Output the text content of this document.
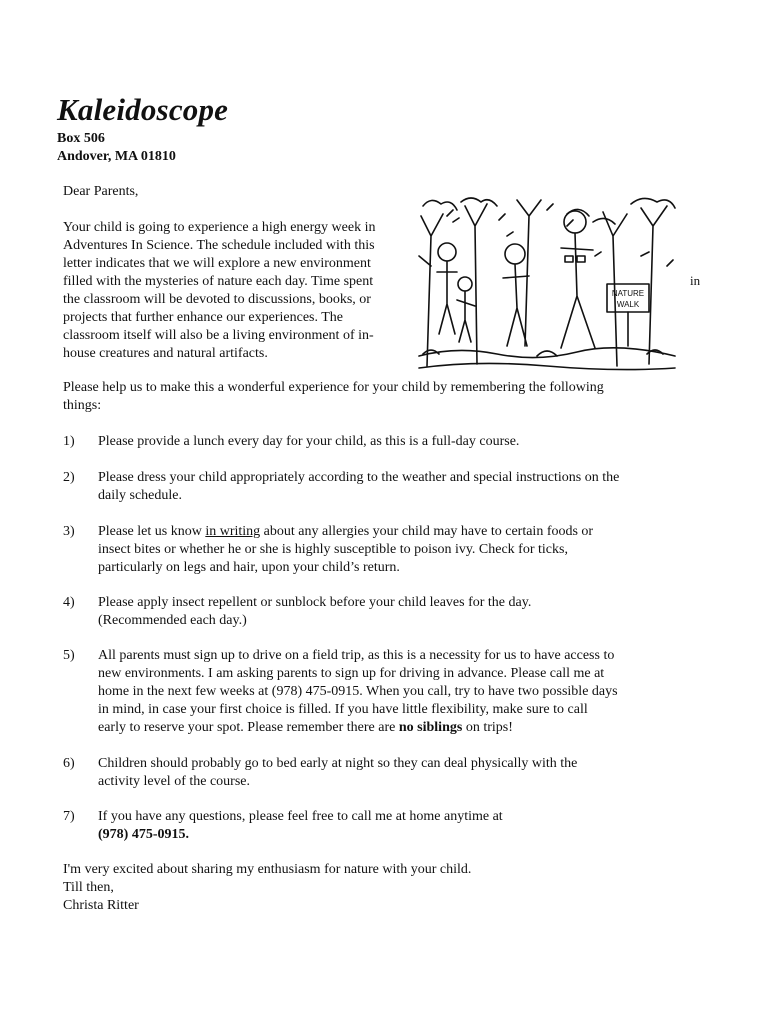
Kaleidoscope
Box 506
Andover, MA 01810

Dear Parents,

Your child is going to experience a high energy week in
Adventures In Science. The schedule included with this
letter indicates that we will explore a new environment
filled with the mysteries of nature each day. Time spent
the classroom will be devoted to discussions, books, or
projects that further enhance our experiences. The
classroom itself will also be a living environment of in-
house creatures and natural artifacts.
in
NATURE
WALK
Please help us to make this a wonderful experience for your child by remembering the following
things:
1) Please provide a lunch every day for your child, as this is a full-day course.
2) Please dress your child appropriately according to the weather and special instructions on the
daily schedule.
3) Please let us know in writing about any allergies your child may have to certain foods or
insect bites or whether he or she is highly susceptible to poison ivy. Check for ticks,
particularly on legs and hair, upon your child’s return.
4) Please apply insect repellent or sunblock before your child leaves for the day.
(Recommended each day.)
5) All parents must sign up to drive on a field trip, as this is a necessity for us to have access to
new environments. I am asking parents to sign up for driving in advance. Please call me at
home in the next few weeks at (978) 475-0915. When you call, try to have two possible days
in mind, in case your first choice is filled. If you have little flexibility, make sure to call
early to reserve your spot. Please remember there are no siblings on trips!
6) Children should probably go to bed early at night so they can deal physically with the
activity level of the course.
7) If you have any questions, please feel free to call me at home anytime at
(978) 475-0915.
I'm very excited about sharing my enthusiasm for nature with your child.
Till then,
Christa Ritter
